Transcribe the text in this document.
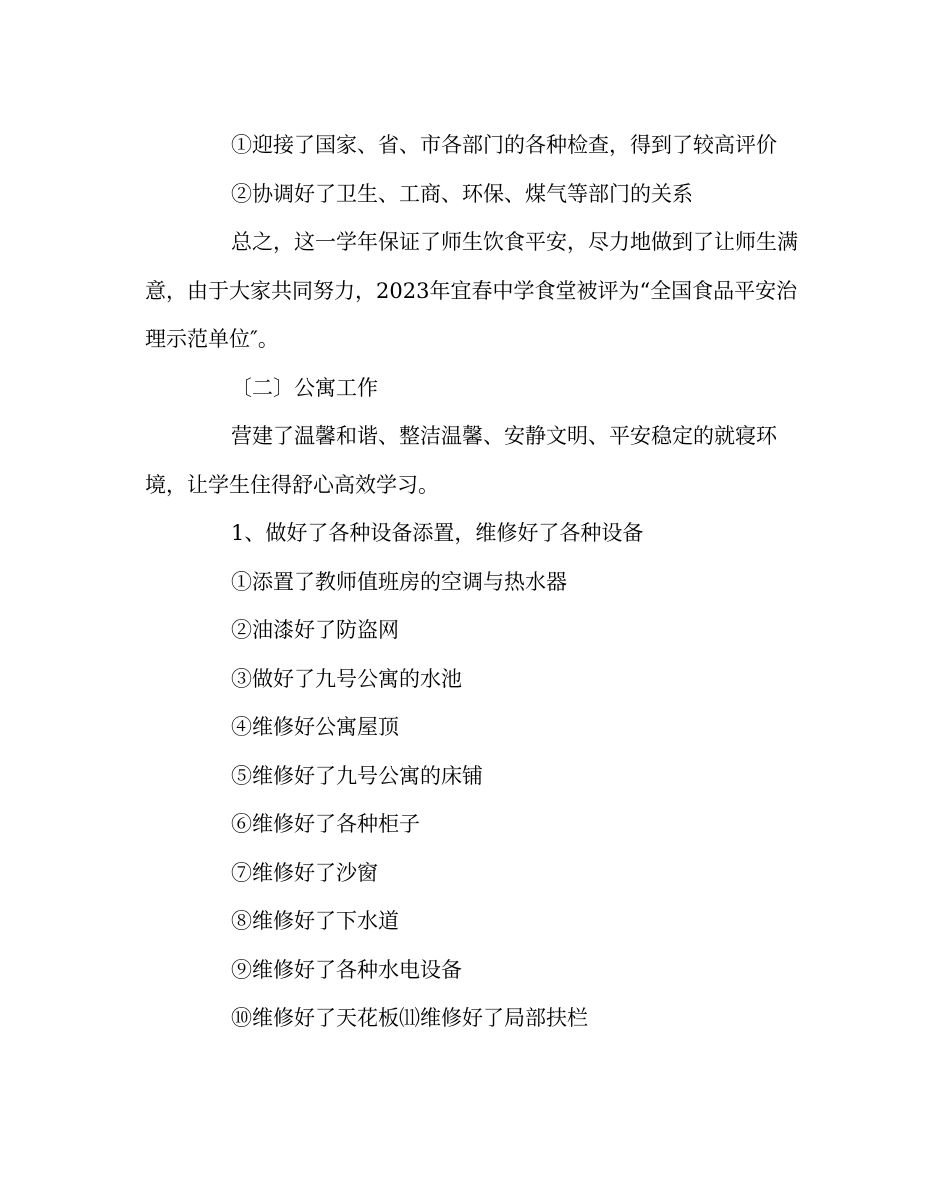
①迎接了国家、省、市各部门的各种检查，得到了较高评价

②协调好了卫生、工商、环保、煤气等部门的关系

总之，这一学年保证了师生饮食平安，尽力地做到了让师生满意，由于大家共同努力，2023年宜春中学食堂被评为“全国食品平安治理示范单位″。

〔二〕公寓工作

营建了温馨和谐、整洁温馨、安静文明、平安稳定的就寝环境，让学生住得舒心高效学习。

1、做好了各种设备添置，维修好了各种设备

①添置了教师值班房的空调与热水器

②油漆好了防盗网

③做好了九号公寓的水池

④维修好公寓屋顶

⑤维修好了九号公寓的床铺

⑥维修好了各种柜子

⑦维修好了沙窗

⑧维修好了下水道

⑨维修好了各种水电设备

⑩维修好了天花板⑾维修好了局部扶栏
